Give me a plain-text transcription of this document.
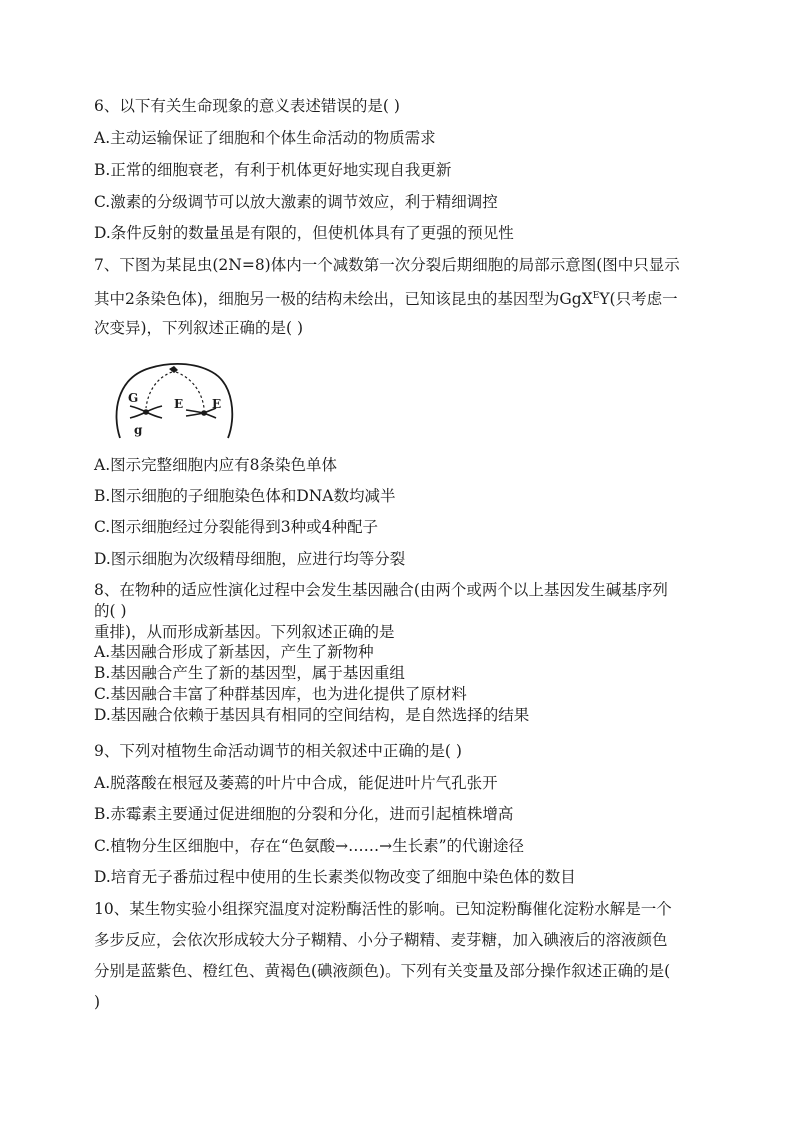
6、以下有关生命现象的意义表述错误的是( )
A.主动运输保证了细胞和个体生命活动的物质需求
B.正常的细胞衰老，有利于机体更好地实现自我更新
C.激素的分级调节可以放大激素的调节效应，利于精细调控
D.条件反射的数量虽是有限的，但使机体具有了更强的预见性
7、下图为某昆虫(2N=8)体内一个减数第一次分裂后期细胞的局部示意图(图中只显示
其中2条染色体)，细胞另一极的结构未绘出，已知该昆虫的基因型为GgX$^E$Y(只考虑一
次变异)，下列叙述正确的是( )
G
g
E E
A.图示完整细胞内应有8条染色单体
B.图示细胞的子细胞染色体和DNA数均减半
C.图示细胞经过分裂能得到3种或4种配子
D.图示细胞为次级精母细胞，应进行均等分裂
8、在物种的适应性演化过程中会发生基因融合(由两个或两个以上基因发生碱基序列
的( )
重排)，从而形成新基因。下列叙述正确的是
A.基因融合形成了新基因，产生了新物种
B.基因融合产生了新的基因型，属于基因重组
C.基因融合丰富了种群基因库，也为进化提供了原材料
D.基因融合依赖于基因具有相同的空间结构，是自然选择的结果
9、下列对植物生命活动调节的相关叙述中正确的是( )
A.脱落酸在根冠及萎蔫的叶片中合成，能促进叶片气孔张开
B.赤霉素主要通过促进细胞的分裂和分化，进而引起植株增高
C.植物分生区细胞中，存在“色氨酸→……→生长素”的代谢途径
D.培育无子番茄过程中使用的生长素类似物改变了细胞中染色体的数目
10、某生物实验小组探究温度对淀粉酶活性的影响。已知淀粉酶催化淀粉水解是一个
多步反应，会依次形成较大分子糊精、小分子糊精、麦芽糖，加入碘液后的溶液颜色
分别是蓝紫色、橙红色、黄褐色(碘液颜色)。下列有关变量及部分操作叙述正确的是(
)
